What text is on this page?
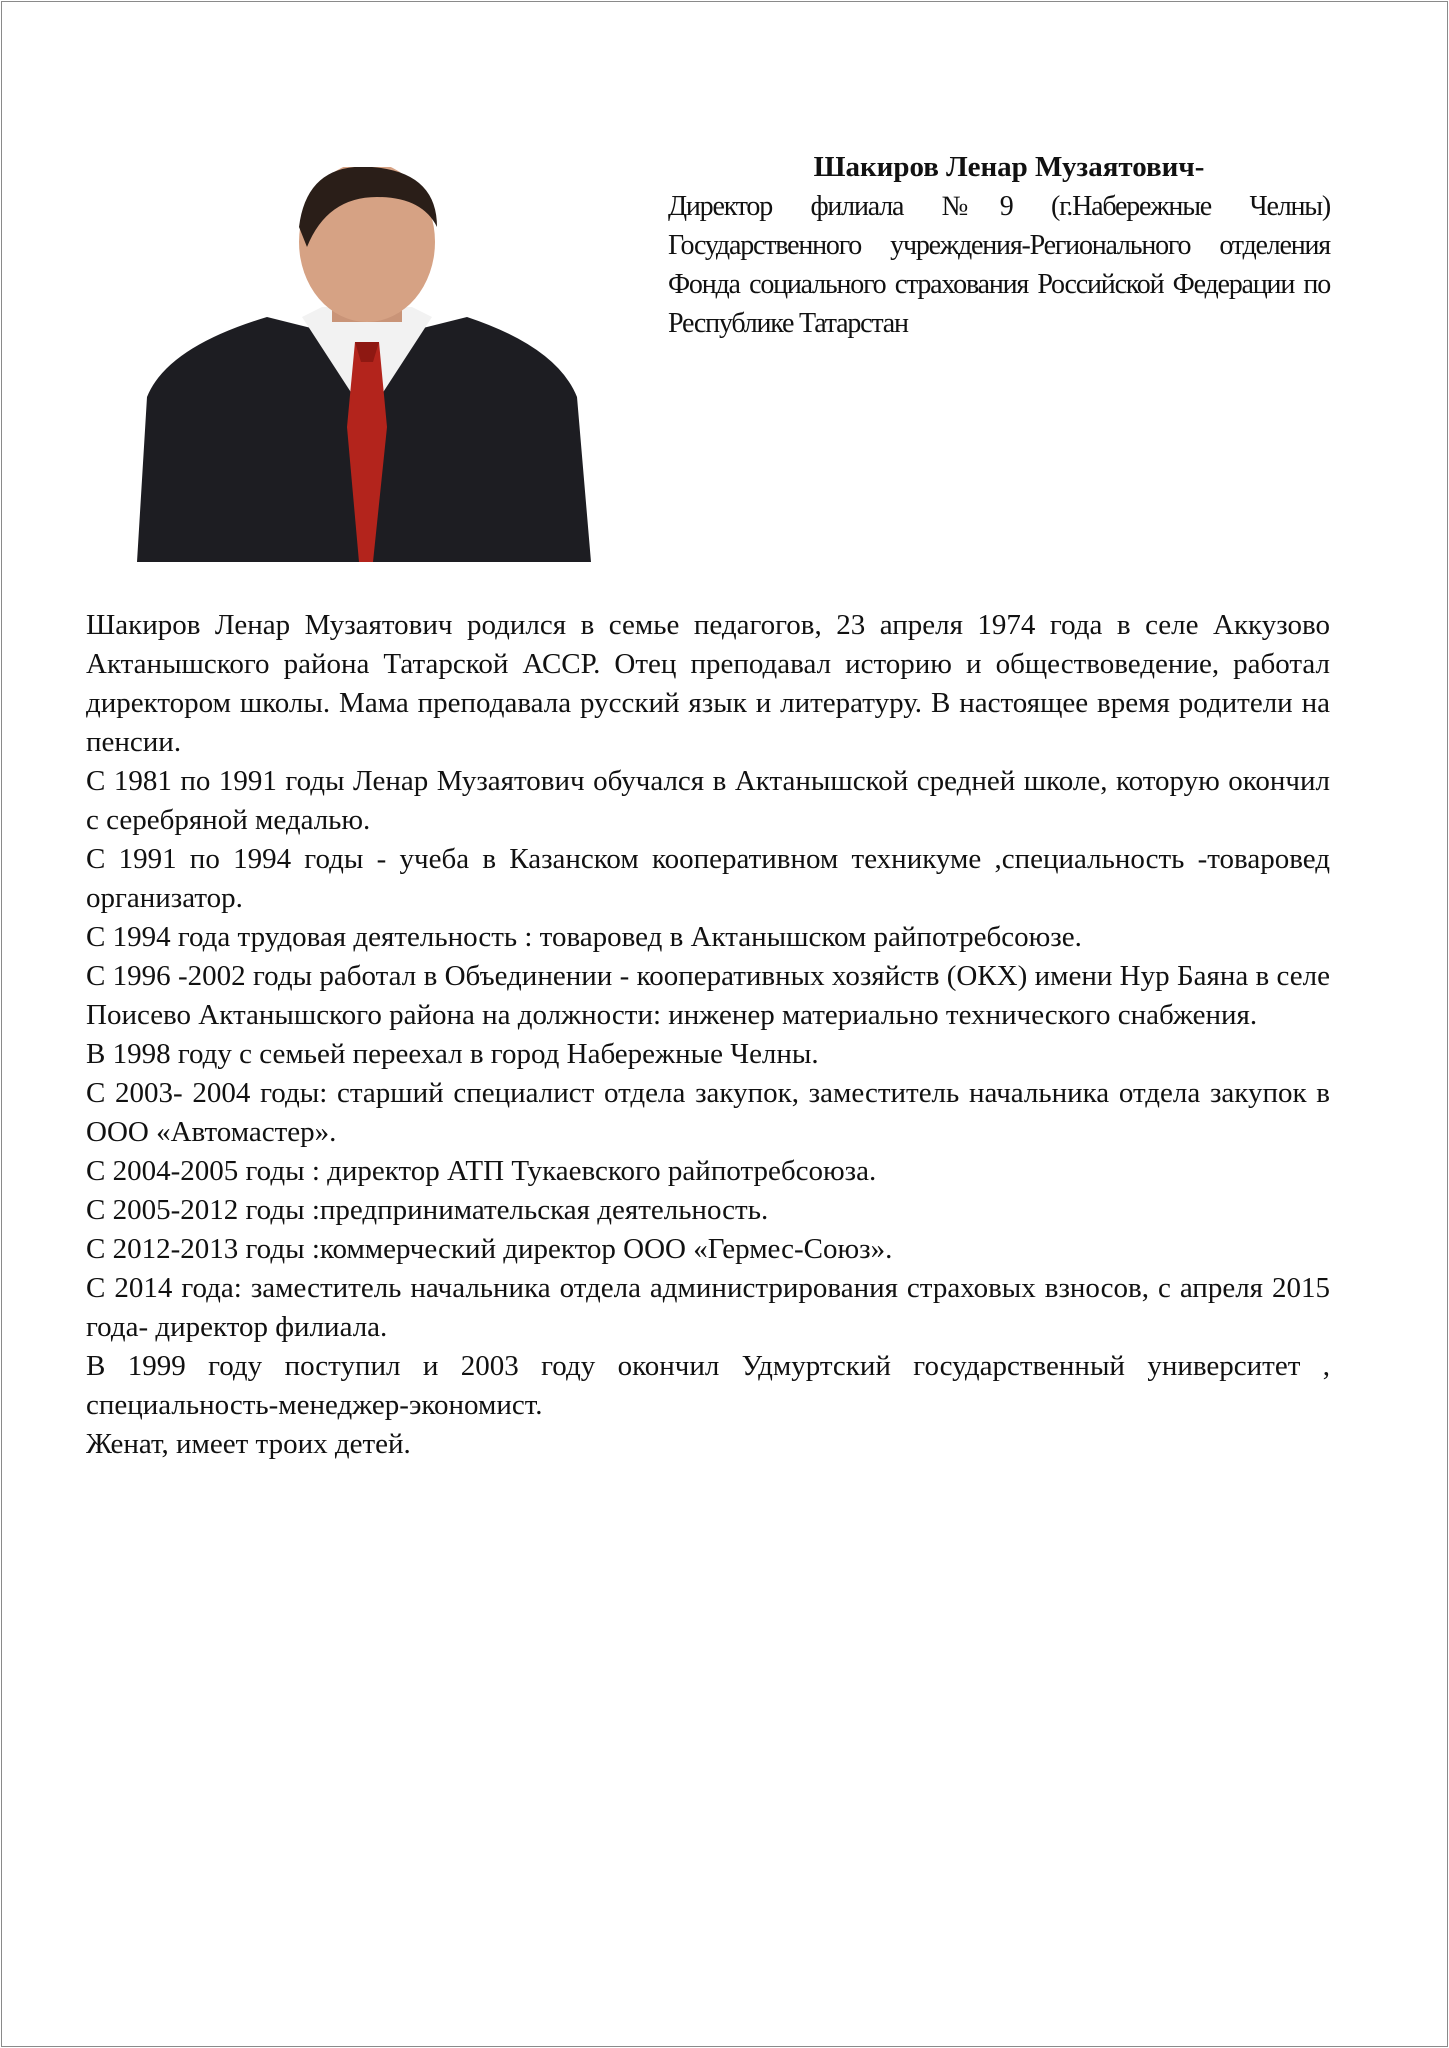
Шакиров Ленар Музаятович-
Директор филиала №9 (г.Набережные Челны) Государственного учреждения-Регионального отделения Фонда социального страхования Российской Федерации по Республике Татарстан

Шакиров Ленар Музаятович родился в семье педагогов, 23 апреля 1974 года в селе Аккузово Актанышского района Татарской АССР. Отец преподавал историю и обществоведение, работал директором школы. Мама преподавала русский язык и литературу. В настоящее время родители на пенсии.

С 1981 по 1991 годы Ленар Музаятович обучался в Актанышской средней школе, которую окончил с серебряной медалью.

С 1991 по 1994 годы - учеба в Казанском кооперативном техникуме ,специальность -товаровед организатор.

С 1994 года трудовая деятельность : товаровед в Актанышском райпотребсоюзе.

С 1996 -2002 годы работал в Объединении - кооперативных хозяйств (ОКХ) имени Нур Баяна в селе Поисево Актанышского района на должности: инженер материально технического снабжения.

В 1998 году с семьей переехал в город Набережные Челны.

С 2003- 2004 годы: старший специалист отдела закупок, заместитель начальника отдела закупок в ООО «Автомастер».

С 2004-2005 годы : директор АТП Тукаевского райпотребсоюза.

С 2005-2012 годы :предпринимательская деятельность.

С 2012-2013 годы :коммерческий директор ООО «Гермес-Союз».

С 2014 года: заместитель начальника отдела администрирования страховых взносов, с апреля 2015 года- директор филиала.

В 1999 году поступил и 2003 году окончил Удмуртский государственный университет , специальность-менеджер-экономист.

Женат, имеет троих детей.
